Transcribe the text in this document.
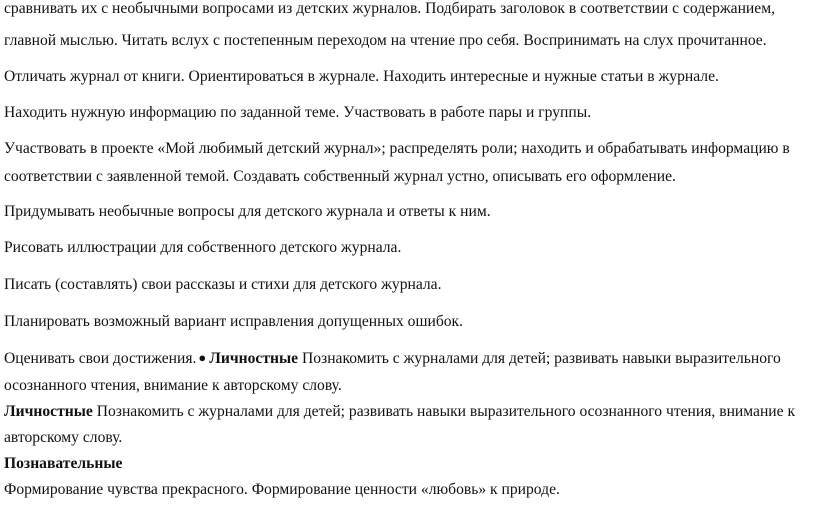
сравнивать их с необычными вопросами из детских журналов. Подбирать заголовок в соответствии с содержанием,

главной мыслью. Читать вслух с постепенным переходом на чтение про себя. Воспринимать на слух прочитанное.

Отличать журнал от книги. Ориентироваться в журнале. Находить интересные и нужные статьи в журнале.

Находить нужную информацию по заданной теме. Участвовать в работе пары и группы.

Участвовать в проекте «Мой любимый детский журнал»; распределять роли; находить и обрабатывать информацию в

соответствии с заявленной темой. Создавать собственный журнал устно, описывать его оформление.

Придумывать необычные вопросы для детского журнала и ответы к ним.

Рисовать иллюстрации для собственного детского журнала.

Писать (составлять) свои рассказы и стихи для детского журнала.

Планировать возможный вариант исправления допущенных ошибок.

Оценивать свои достижения. ● Личностные Познакомить с журналами для детей; развивать навыки выразительного

осознанного чтения, внимание к авторскому слову.

Личностные Познакомить с журналами для детей; развивать навыки выразительного осознанного чтения, внимание к

авторскому слову.

Познавательные

Формирование чувства прекрасного. Формирование ценности «любовь» к природе.
